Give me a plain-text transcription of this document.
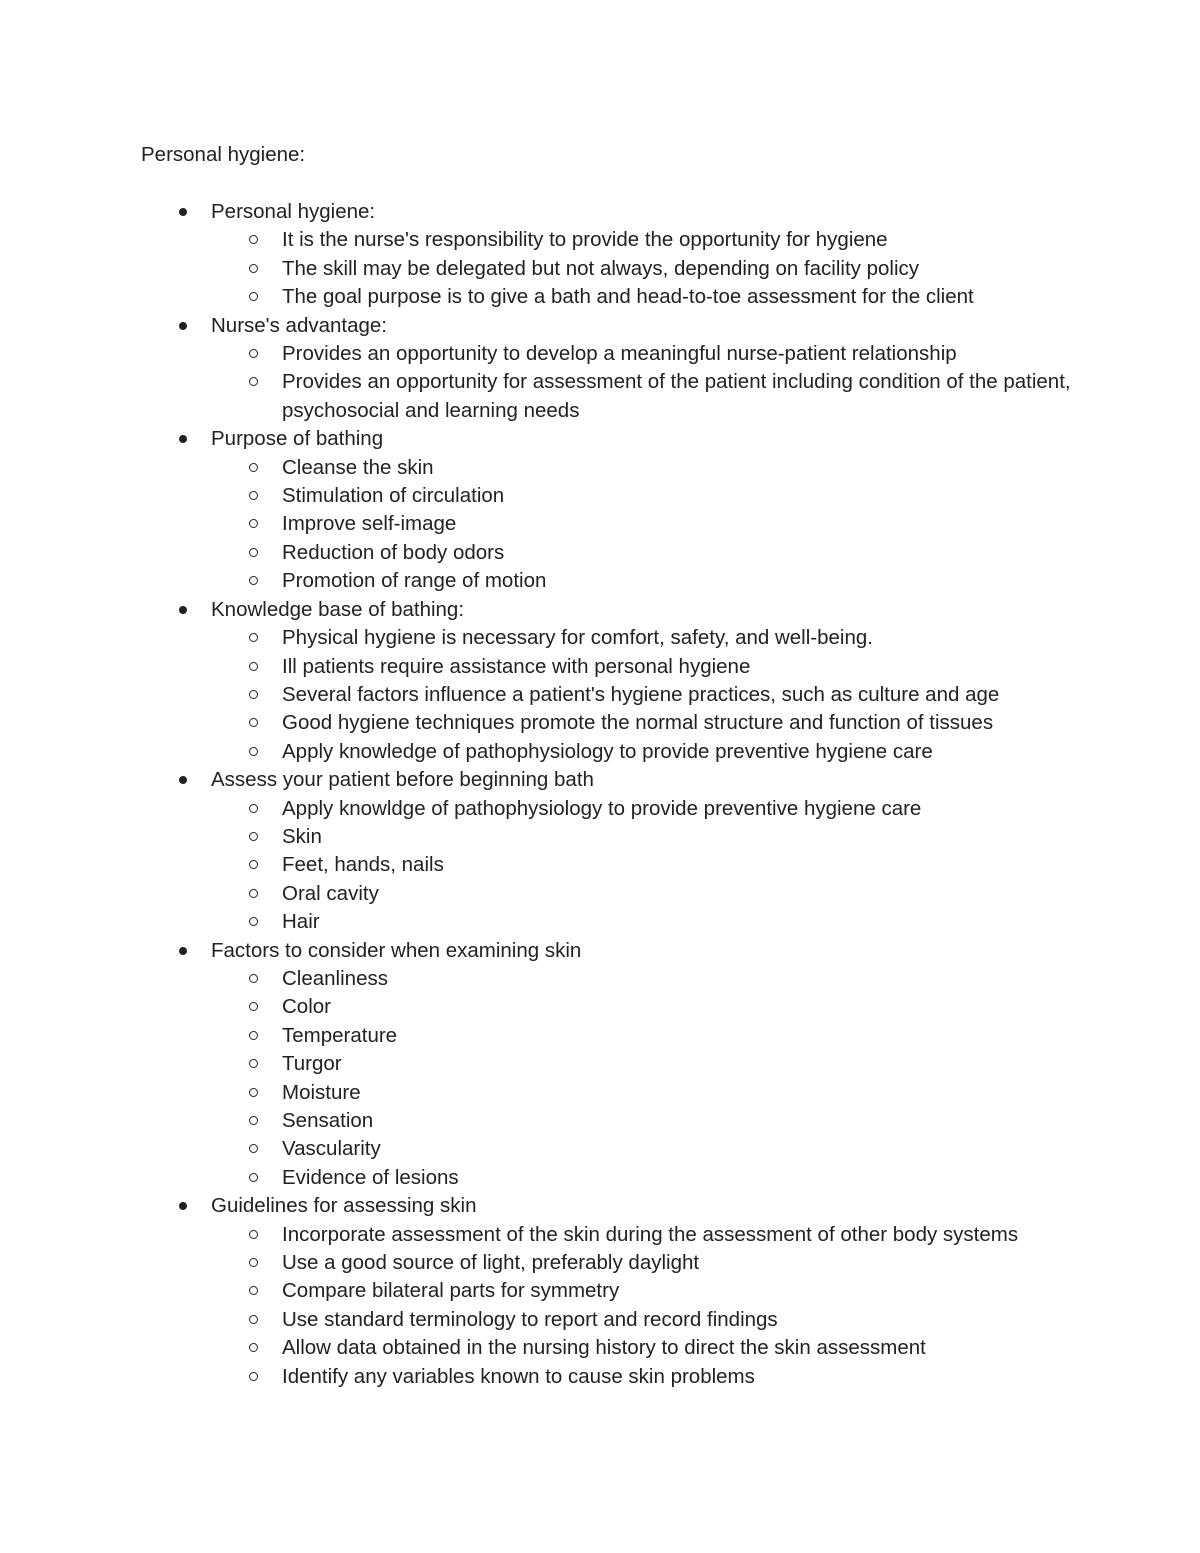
Personal hygiene:
Personal hygiene:
It is the nurse's responsibility to provide the opportunity for hygiene
The skill may be delegated but not always, depending on facility policy
The goal purpose is to give a bath and head-to-toe assessment for the client
Nurse's advantage:
Provides an opportunity to develop a meaningful nurse-patient relationship
Provides an opportunity for assessment of the patient including condition of the patient, psychosocial and learning needs
Purpose of bathing
Cleanse the skin
Stimulation of circulation
Improve self-image
Reduction of body odors
Promotion of range of motion
Knowledge base of bathing:
Physical hygiene is necessary for comfort, safety, and well-being.
Ill patients require assistance with personal hygiene
Several factors influence a patient's hygiene practices, such as culture and age
Good hygiene techniques promote the normal structure and function of tissues
Apply knowledge of pathophysiology to provide preventive hygiene care
Assess your patient before beginning bath
Apply knowldge of pathophysiology to provide preventive hygiene care
Skin
Feet, hands, nails
Oral cavity
Hair
Factors to consider when examining skin
Cleanliness
Color
Temperature
Turgor
Moisture
Sensation
Vascularity
Evidence of lesions
Guidelines for assessing skin
Incorporate assessment of the skin during the assessment of other body systems
Use a good source of light, preferably daylight
Compare bilateral parts for symmetry
Use standard terminology to report and record findings
Allow data obtained in the nursing history to direct the skin assessment
Identify any variables known to cause skin problems
